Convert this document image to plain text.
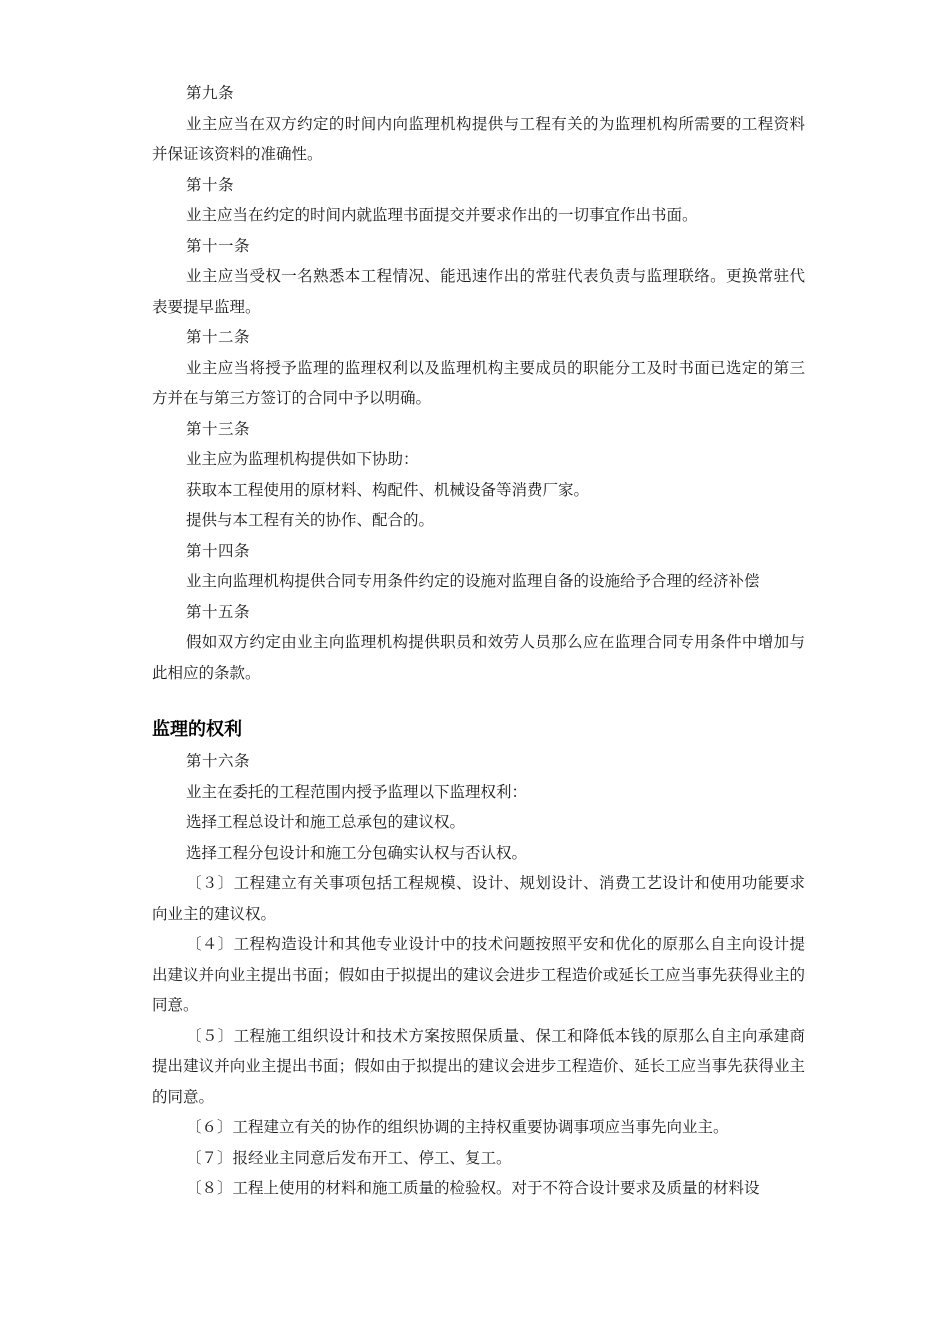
第九条

业主应当在双方约定的时间内向监理机构提供与工程有关的为监理机构所需要的工程资料并保证该资料的准确性。

第十条

业主应当在约定的时间内就监理书面提交并要求作出的一切事宜作出书面。

第十一条

业主应当受权一名熟悉本工程情况、能迅速作出的常驻代表负责与监理联络。更换常驻代表要提早监理。

第十二条

业主应当将授予监理的监理权利以及监理机构主要成员的职能分工及时书面已选定的第三方并在与第三方签订的合同中予以明确。

第十三条

业主应为监理机构提供如下协助：

获取本工程使用的原材料、构配件、机械设备等消费厂家。

提供与本工程有关的协作、配合的。

第十四条

业主向监理机构提供合同专用条件约定的设施对监理自备的设施给予合理的经济补偿

第十五条

假如双方约定由业主向监理机构提供职员和效劳人员那么应在监理合同专用条件中增加与此相应的条款。

监理的权利

第十六条

业主在委托的工程范围内授予监理以下监理权利：

选择工程总设计和施工总承包的建议权。

选择工程分包设计和施工分包确实认权与否认权。

〔３〕工程建立有关事项包括工程规模、设计、规划设计、消费工艺设计和使用功能要求向业主的建议权。

〔４〕工程构造设计和其他专业设计中的技术问题按照平安和优化的原那么自主向设计提出建议并向业主提出书面；假如由于拟提出的建议会进步工程造价或延长工应当事先获得业主的同意。

〔５〕工程施工组织设计和技术方案按照保质量、保工和降低本钱的原那么自主向承建商提出建议并向业主提出书面；假如由于拟提出的建议会进步工程造价、延长工应当事先获得业主的同意。

〔６〕工程建立有关的协作的组织协调的主持权重要协调事项应当事先向业主。

〔７〕报经业主同意后发布开工、停工、复工。

〔８〕工程上使用的材料和施工质量的检验权。对于不符合设计要求及质量的材料设
